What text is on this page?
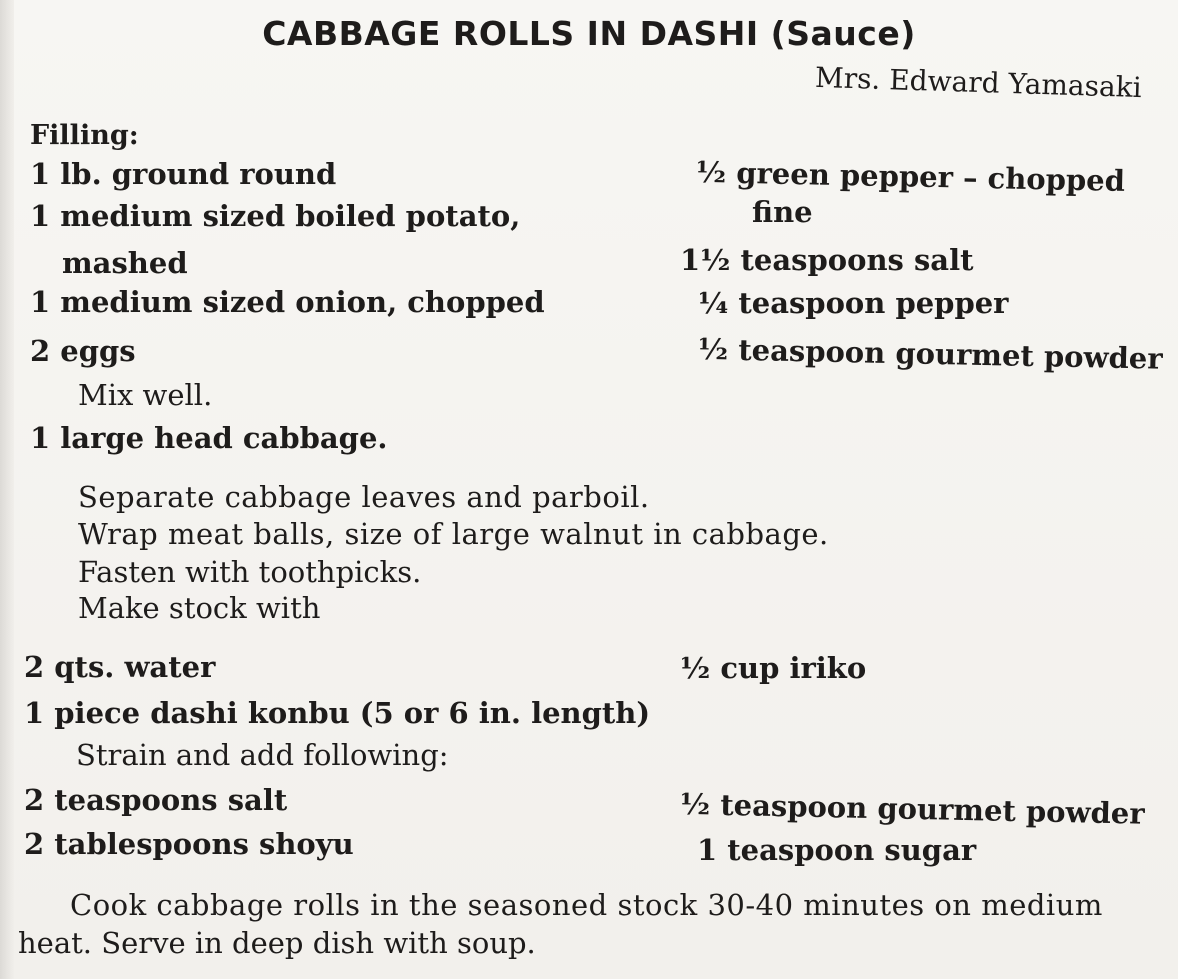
CABBAGE ROLLS IN DASHI (Sauce)
Mrs. Edward Yamasaki
Filling:
1 lb. ground round
1 medium sized boiled potato,
mashed
1 medium sized onion, chopped
2 eggs
½ green pepper – chopped
fine
1½ teaspoons salt
¼ teaspoon pepper
½ teaspoon gourmet powder
Mix well.
1 large head cabbage.
Separate cabbage leaves and parboil.
Wrap meat balls, size of large walnut in cabbage.
Fasten with toothpicks.
Make stock with
2 qts. water
1 piece dashi konbu (5 or 6 in. length)
½ cup iriko
Strain and add following:
2 teaspoons salt
2 tablespoons shoyu
½ teaspoon gourmet powder
1 teaspoon sugar
Cook cabbage rolls in the seasoned stock 30-40 minutes on medium
heat. Serve in deep dish with soup.
